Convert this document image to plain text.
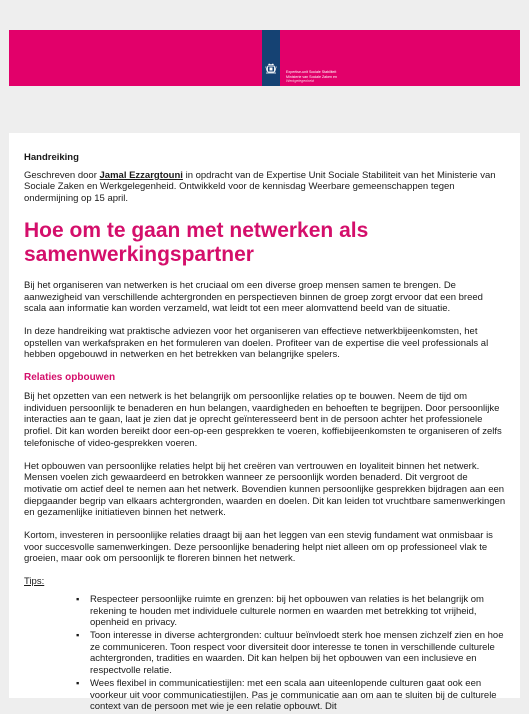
Expertise-unit Sociale Stabiliteit
Ministerie van Sociale Zaken en
Werkgelegenheid
Handreiking

Geschreven door Jamal Ezzargtouni in opdracht van de Expertise Unit Sociale Stabiliteit van het Ministerie van Sociale Zaken en Werkgelegenheid. Ontwikkeld voor de kennisdag Weerbare gemeenschappen tegen ondermijning op 15 april.

Hoe om te gaan met netwerken als samenwerkingspartner

Bij het organiseren van netwerken is het cruciaal om een diverse groep mensen samen te brengen. De aanwezigheid van verschillende achtergronden en perspectieven binnen de groep zorgt ervoor dat een breed scala aan informatie kan worden verzameld, wat leidt tot een meer alomvattend beeld van de situatie.

In deze handreiking wat praktische adviezen voor het organiseren van effectieve netwerkbijeenkomsten, het opstellen van werkafspraken en het formuleren van doelen. Profiteer van de expertise die veel professionals al hebben opgebouwd in netwerken en het betrekken van belangrijke spelers.

Relaties opbouwen

Bij het opzetten van een netwerk is het belangrijk om persoonlijke relaties op te bouwen. Neem de tijd om individuen persoonlijk te benaderen en hun belangen, vaardigheden en behoeften te begrijpen. Door persoonlijke interacties aan te gaan, laat je zien dat je oprecht geïnteresseerd bent in de persoon achter het professionele profiel. Dit kan worden bereikt door een-op-een gesprekken te voeren, koffiebijeenkomsten te organiseren of zelfs telefonische of video-gesprekken voeren.

Het opbouwen van persoonlijke relaties helpt bij het creëren van vertrouwen en loyaliteit binnen het netwerk. Mensen voelen zich gewaardeerd en betrokken wanneer ze persoonlijk worden benaderd. Dit vergroot de motivatie om actief deel te nemen aan het netwerk. Bovendien kunnen persoonlijke gesprekken bijdragen aan een diepgaander begrip van elkaars achtergronden, waarden en doelen. Dit kan leiden tot vruchtbare samenwerkingen en gezamenlijke initiatieven binnen het netwerk.

Kortom, investeren in persoonlijke relaties draagt bij aan het leggen van een stevig fundament wat onmisbaar is voor succesvolle samenwerkingen. Deze persoonlijke benadering helpt niet alleen om op professioneel vlak te groeien, maar ook om persoonlijk te floreren binnen het netwerk.

Tips:
▪ Respecteer persoonlijke ruimte en grenzen: bij het opbouwen van relaties is het belangrijk om rekening te houden met individuele culturele normen en waarden met betrekking tot vrijheid, openheid en privacy.
▪ Toon interesse in diverse achtergronden: cultuur beïnvloedt sterk hoe mensen zichzelf zien en hoe ze communiceren. Toon respect voor diversiteit door interesse te tonen in verschillende culturele achtergronden, tradities en waarden. Dit kan helpen bij het opbouwen van een inclusieve en respectvolle relatie.
▪ Wees flexibel in communicatiestijlen: met een scala aan uiteenlopende culturen gaat ook een voorkeur uit voor communicatiestijlen. Pas je communicatie aan om aan te sluiten bij de culturele context van de persoon met wie je een relatie opbouwt. Dit
